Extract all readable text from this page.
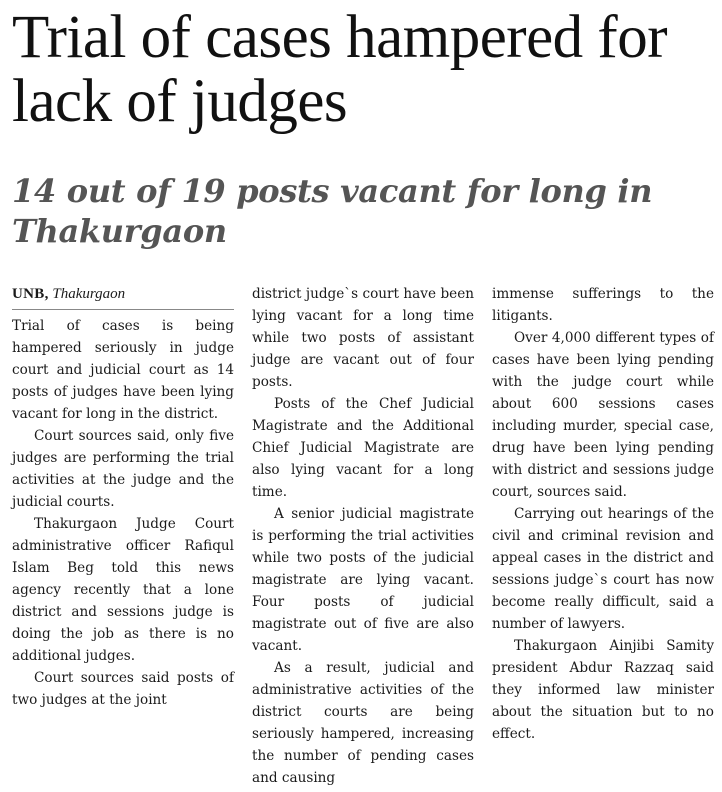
Trial of cases hampered for lack of judges
14 out of 19 posts vacant for long in Thakurgaon
UNB, Thakurgaon

Trial of cases is being hampered seriously in judge court and judicial court as 14 posts of judges have been lying vacant for long in the district.

Court sources said, only five judges are performing the trial activities at the judge and the judicial courts.

Thakurgaon Judge Court administrative officer Rafiqul Islam Beg told this news agency recently that a lone district and sessions judge is doing the job as there is no additional judges.

Court sources said posts of two judges at the joint

district judge`s court have been lying vacant for a long time while two posts of assistant judge are vacant out of four posts.

Posts of the Chef Judicial Magistrate and the Additional Chief Judicial Magistrate are also lying vacant for a long time.

A senior judicial magistrate is performing the trial activities while two posts of the judicial magistrate are lying vacant. Four posts of judicial magistrate out of five are also vacant.

As a result, judicial and administrative activities of the district courts are being seriously hampered, increasing the number of pending cases and causing

immense sufferings to the litigants.

Over 4,000 different types of cases have been lying pending with the judge court while about 600 sessions cases including murder, special case, drug have been lying pending with district and sessions judge court, sources said.

Carrying out hearings of the civil and criminal revision and appeal cases in the district and sessions judge`s court has now become really difficult, said a number of lawyers.

Thakurgaon Ainjibi Samity president Abdur Razzaq said they informed law minister about the situation but to no effect.
